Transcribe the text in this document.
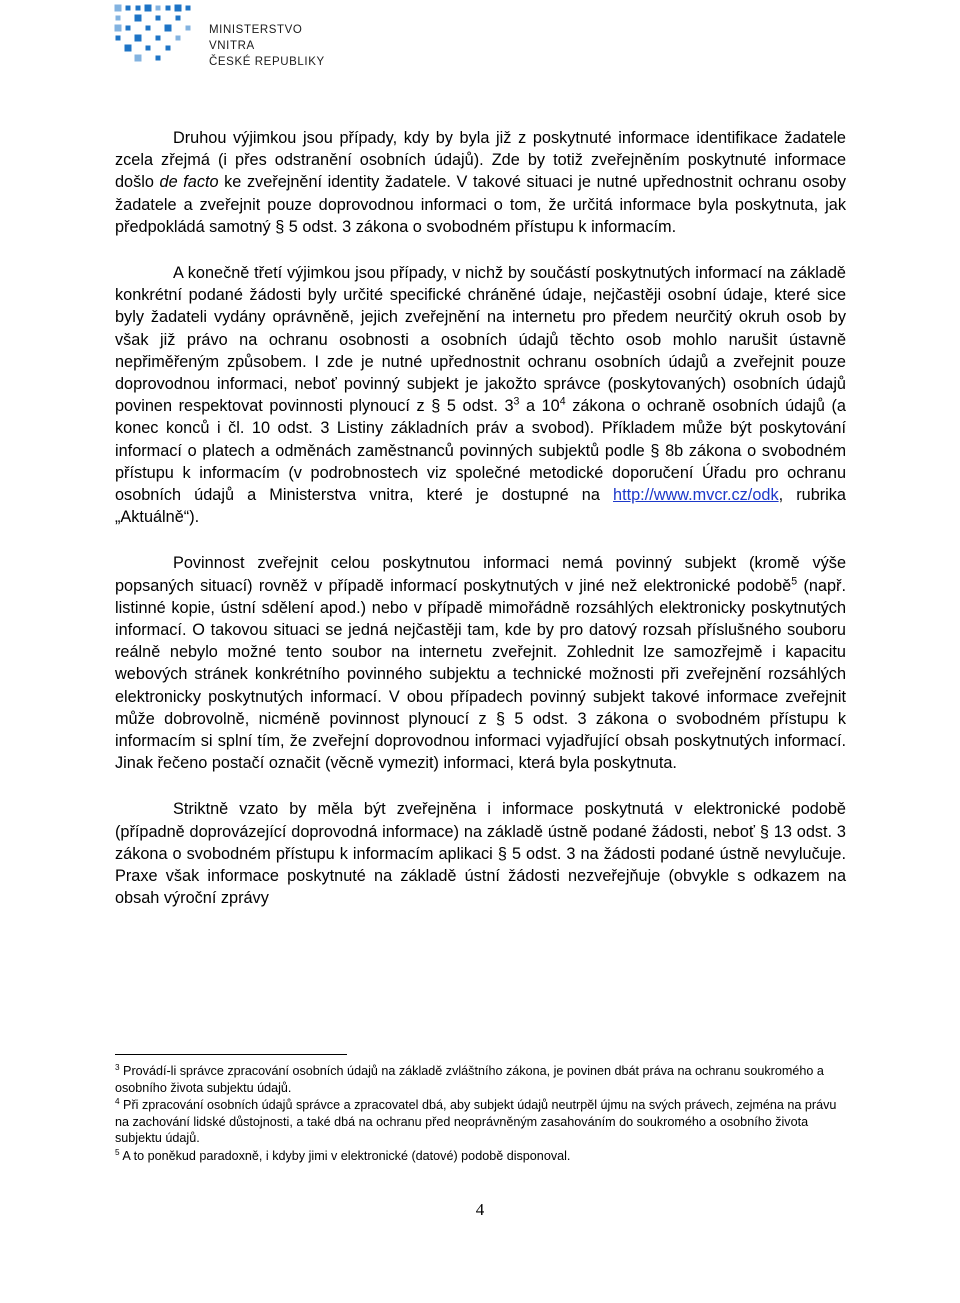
MINISTERSTVO VNITRA
ČESKÉ REPUBLIKY

Druhou výjimkou jsou případy, kdy by byla již z poskytnuté informace identifikace žadatele zcela zřejmá (i přes odstranění osobních údajů). Zde by totiž zveřejněním poskytnuté informace došlo de facto ke zveřejnění identity žadatele. V takové situaci je nutné upřednostnit ochranu osoby žadatele a zveřejnit pouze doprovodnou informaci o tom, že určitá informace byla poskytnuta, jak předpokládá samotný § 5 odst. 3 zákona o svobodném přístupu k informacím.

A konečně třetí výjimkou jsou případy, v nichž by součástí poskytnutých informací na základě konkrétní podané žádosti byly určité specifické chráněné údaje, nejčastěji osobní údaje, které sice byly žadateli vydány oprávněně, jejich zveřejnění na internetu pro předem neurčitý okruh osob by však již právo na ochranu osobnosti a osobních údajů těchto osob mohlo narušit ústavně nepřiměřeným způsobem. I zde je nutné upřednostnit ochranu osobních údajů a zveřejnit pouze doprovodnou informaci, neboť povinný subjekt je jakožto správce (poskytovaných) osobních údajů povinen respektovat povinnosti plynoucí z § 5 odst. $3^3$ a $10^4$ zákona o ochraně osobních údajů (a konec konců i čl. 10 odst. 3 Listiny základních práv a svobod). Příkladem může být poskytování informací o platech a odměnách zaměstnanců povinných subjektů podle § 8b zákona o svobodném přístupu k informacím (v podrobnostech viz společné metodické doporučení Úřadu pro ochranu osobních údajů a Ministerstva vnitra, které je dostupné na http://www.mvcr.cz/odk, rubrika „Aktuálně“).

Povinnost zveřejnit celou poskytnutou informaci nemá povinný subjekt (kromě výše popsaných situací) rovněž v případě informací poskytnutých v jiné než elektronické podobě$^5$ (např. listinné kopie, ústní sdělení apod.) nebo v případě mimořádně rozsáhlých elektronicky poskytnutých informací. O takovou situaci se jedná nejčastěji tam, kde by pro datový rozsah příslušného souboru reálně nebylo možné tento soubor na internetu zveřejnit. Zohlednit lze samozřejmě i kapacitu webových stránek konkrétního povinného subjektu a technické možnosti při zveřejnění rozsáhlých elektronicky poskytnutých informací. V obou případech povinný subjekt takové informace zveřejnit může dobrovolně, nicméně povinnost plynoucí z § 5 odst. 3 zákona o svobodném přístupu k informacím si splní tím, že zveřejní doprovodnou informaci vyjadřující obsah poskytnutých informací. Jinak řečeno postačí označit (věcně vymezit) informaci, která byla poskytnuta.

Striktně vzato by měla být zveřejněna i informace poskytnutá v elektronické podobě (případně doprovázející doprovodná informace) na základě ústně podané žádosti, neboť § 13 odst. 3 zákona o svobodném přístupu k informacím aplikaci § 5 odst. 3 na žádosti podané ústně nevylučuje. Praxe však informace poskytnuté na základě ústní žádosti nezveřejňuje (obvykle s odkazem na obsah výroční zprávy

$^3$ Provádí-li správce zpracování osobních údajů na základě zvláštního zákona, je povinen dbát práva na ochranu soukromého a osobního života subjektu údajů.
$^4$ Při zpracování osobních údajů správce a zpracovatel dbá, aby subjekt údajů neutrpěl újmu na svých právech, zejména na právu na zachování lidské důstojnosti, a také dbá na ochranu před neoprávněným zasahováním do soukromého a osobního života subjektu údajů.
$^5$ A to poněkud paradoxně, i kdyby jimi v elektronické (datové) podobě disponoval.
4
